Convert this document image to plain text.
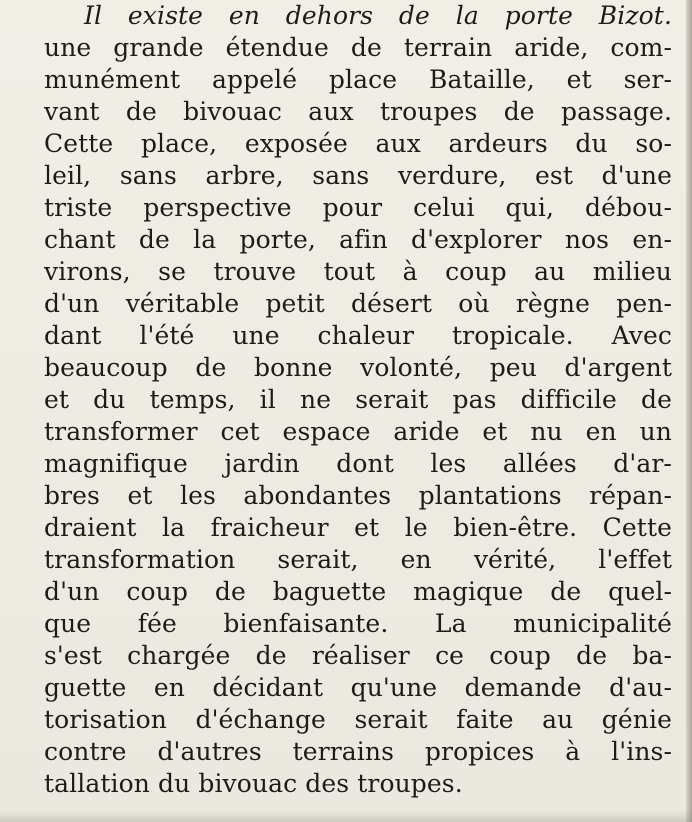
Il existe en dehors de la porte Bizot.
une grande étendue de terrain aride, com-
munément appelé place Bataille, et ser-
vant de bivouac aux troupes de passage.
Cette place, exposée aux ardeurs du so-
leil, sans arbre, sans verdure, est d'une
triste perspective pour celui qui, débou-
chant de la porte, afin d'explorer nos en-
virons, se trouve tout à coup au milieu
d'un véritable petit désert où règne pen-
dant l'été une chaleur tropicale. Avec
beaucoup de bonne volonté, peu d'argent
et du temps, il ne serait pas difficile de
transformer cet espace aride et nu en un
magnifique jardin dont les allées d'ar-
bres et les abondantes plantations répan-
draient la fraicheur et le bien-être. Cette
transformation serait, en vérité, l'effet
d'un coup de baguette magique de quel-
que fée bienfaisante. La municipalité
s'est chargée de réaliser ce coup de ba-
guette en décidant qu'une demande d'au-
torisation d'échange serait faite au génie
contre d'autres terrains propices à l'ins-
tallation du bivouac des troupes.
